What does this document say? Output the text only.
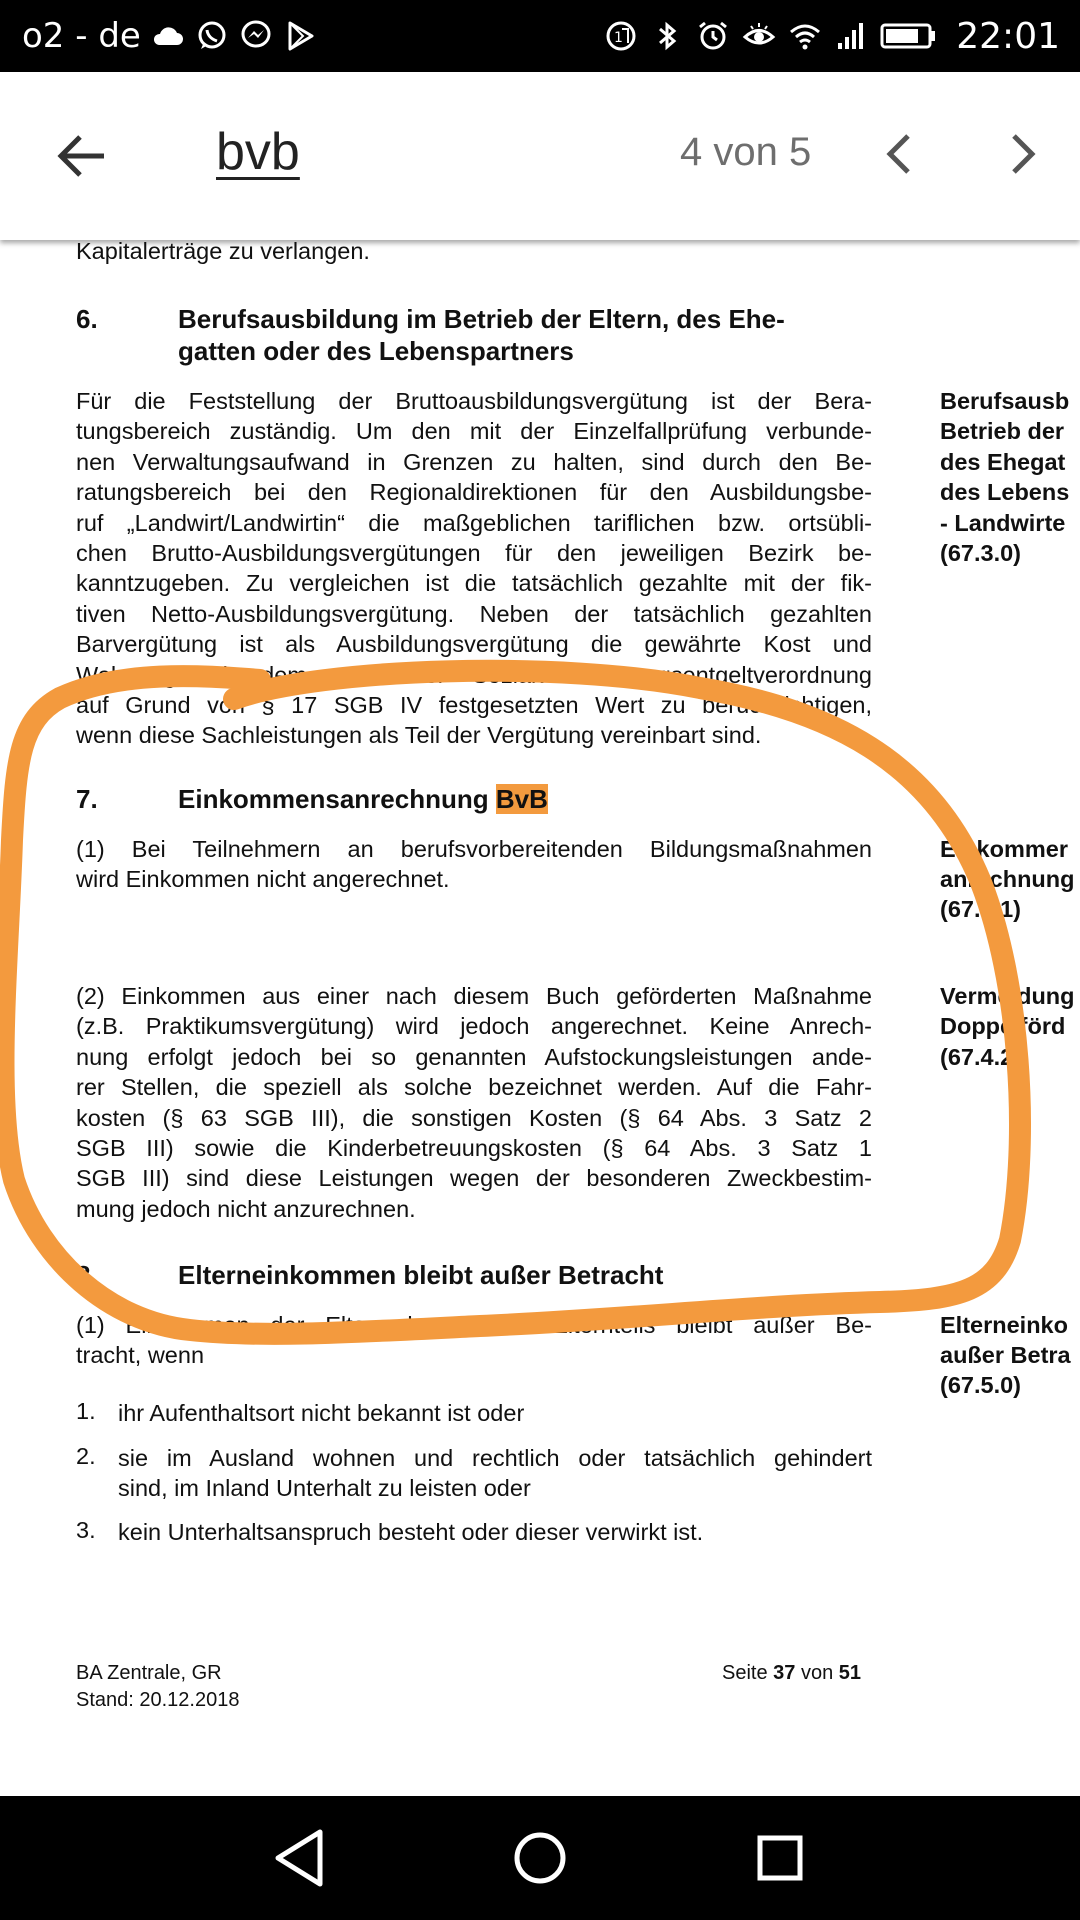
o2 - de	1	22:01
bvb	4 von 5
Kapitalerträge zu verlangen.
6.	Berufsausbildung im Betrieb der Eltern, des Ehe-
gatten oder des Lebenspartners
Für die Feststellung der Bruttoausbildungsvergütung ist der Bera-
tungsbereich zuständig. Um den mit der Einzelfallprüfung verbunde-
nen Verwaltungsaufwand in Grenzen zu halten, sind durch den Be-
ratungsbereich bei den Regionaldirektionen für den Ausbildungsbe-
ruf „Landwirt/Landwirtin“ die maßgeblichen tariflichen bzw. ortsübli-
chen Brutto-Ausbildungsvergütungen für den jeweiligen Bezirk be-
kanntzugeben. Zu vergleichen ist die tatsächlich gezahlte mit der fik-
tiven Netto-Ausbildungsvergütung. Neben der tatsächlich gezahlten
Barvergütung ist als Ausbildungsvergütung die gewährte Kost und
Wohnung mit dem nach der Sozialversicherungsentgeltverordnung
auf Grund von § 17 SGB IV festgesetzten Wert zu berücksichtigen,
wenn diese Sachleistungen als Teil der Vergütung vereinbart sind.
Berufsausb
Betrieb der
des Ehegat
des Lebens
- Landwirte
(67.3.0)
7.	Einkommensanrechnung BvB
(1) Bei Teilnehmern an berufsvorbereitenden Bildungsmaßnahmen
wird Einkommen nicht angerechnet.
Einkommer
anrechnung
(67.4.1)
(2) Einkommen aus einer nach diesem Buch geförderten Maßnahme
(z.B. Praktikumsvergütung) wird jedoch angerechnet. Keine Anrech-
nung erfolgt jedoch bei so genannten Aufstockungsleistungen ande-
rer Stellen, die speziell als solche bezeichnet werden. Auf die Fahr-
kosten (§ 63 SGB III), die sonstigen Kosten (§ 64 Abs. 3 Satz 2
SGB III) sowie die Kinderbetreuungskosten (§ 64 Abs. 3 Satz 1
SGB III) sind diese Leistungen wegen der besonderen Zweckbestim-
mung jedoch nicht anzurechnen.
Vermeidung
Doppelförd
(67.4.2)
8.	Elterneinkommen bleibt außer Betracht
(1) Einkommen der Eltern bzw. eines Elternteils bleibt außer Be-
tracht, wenn
Elterneinko
außer Betra
(67.5.0)
1. ihr Aufenthaltsort nicht bekannt ist oder
2. sie im Ausland wohnen und rechtlich oder tatsächlich gehindert
sind, im Inland Unterhalt zu leisten oder
3. kein Unterhaltsanspruch besteht oder dieser verwirkt ist.
BA Zentrale, GR
Stand: 20.12.2018
Seite 37 von 51
